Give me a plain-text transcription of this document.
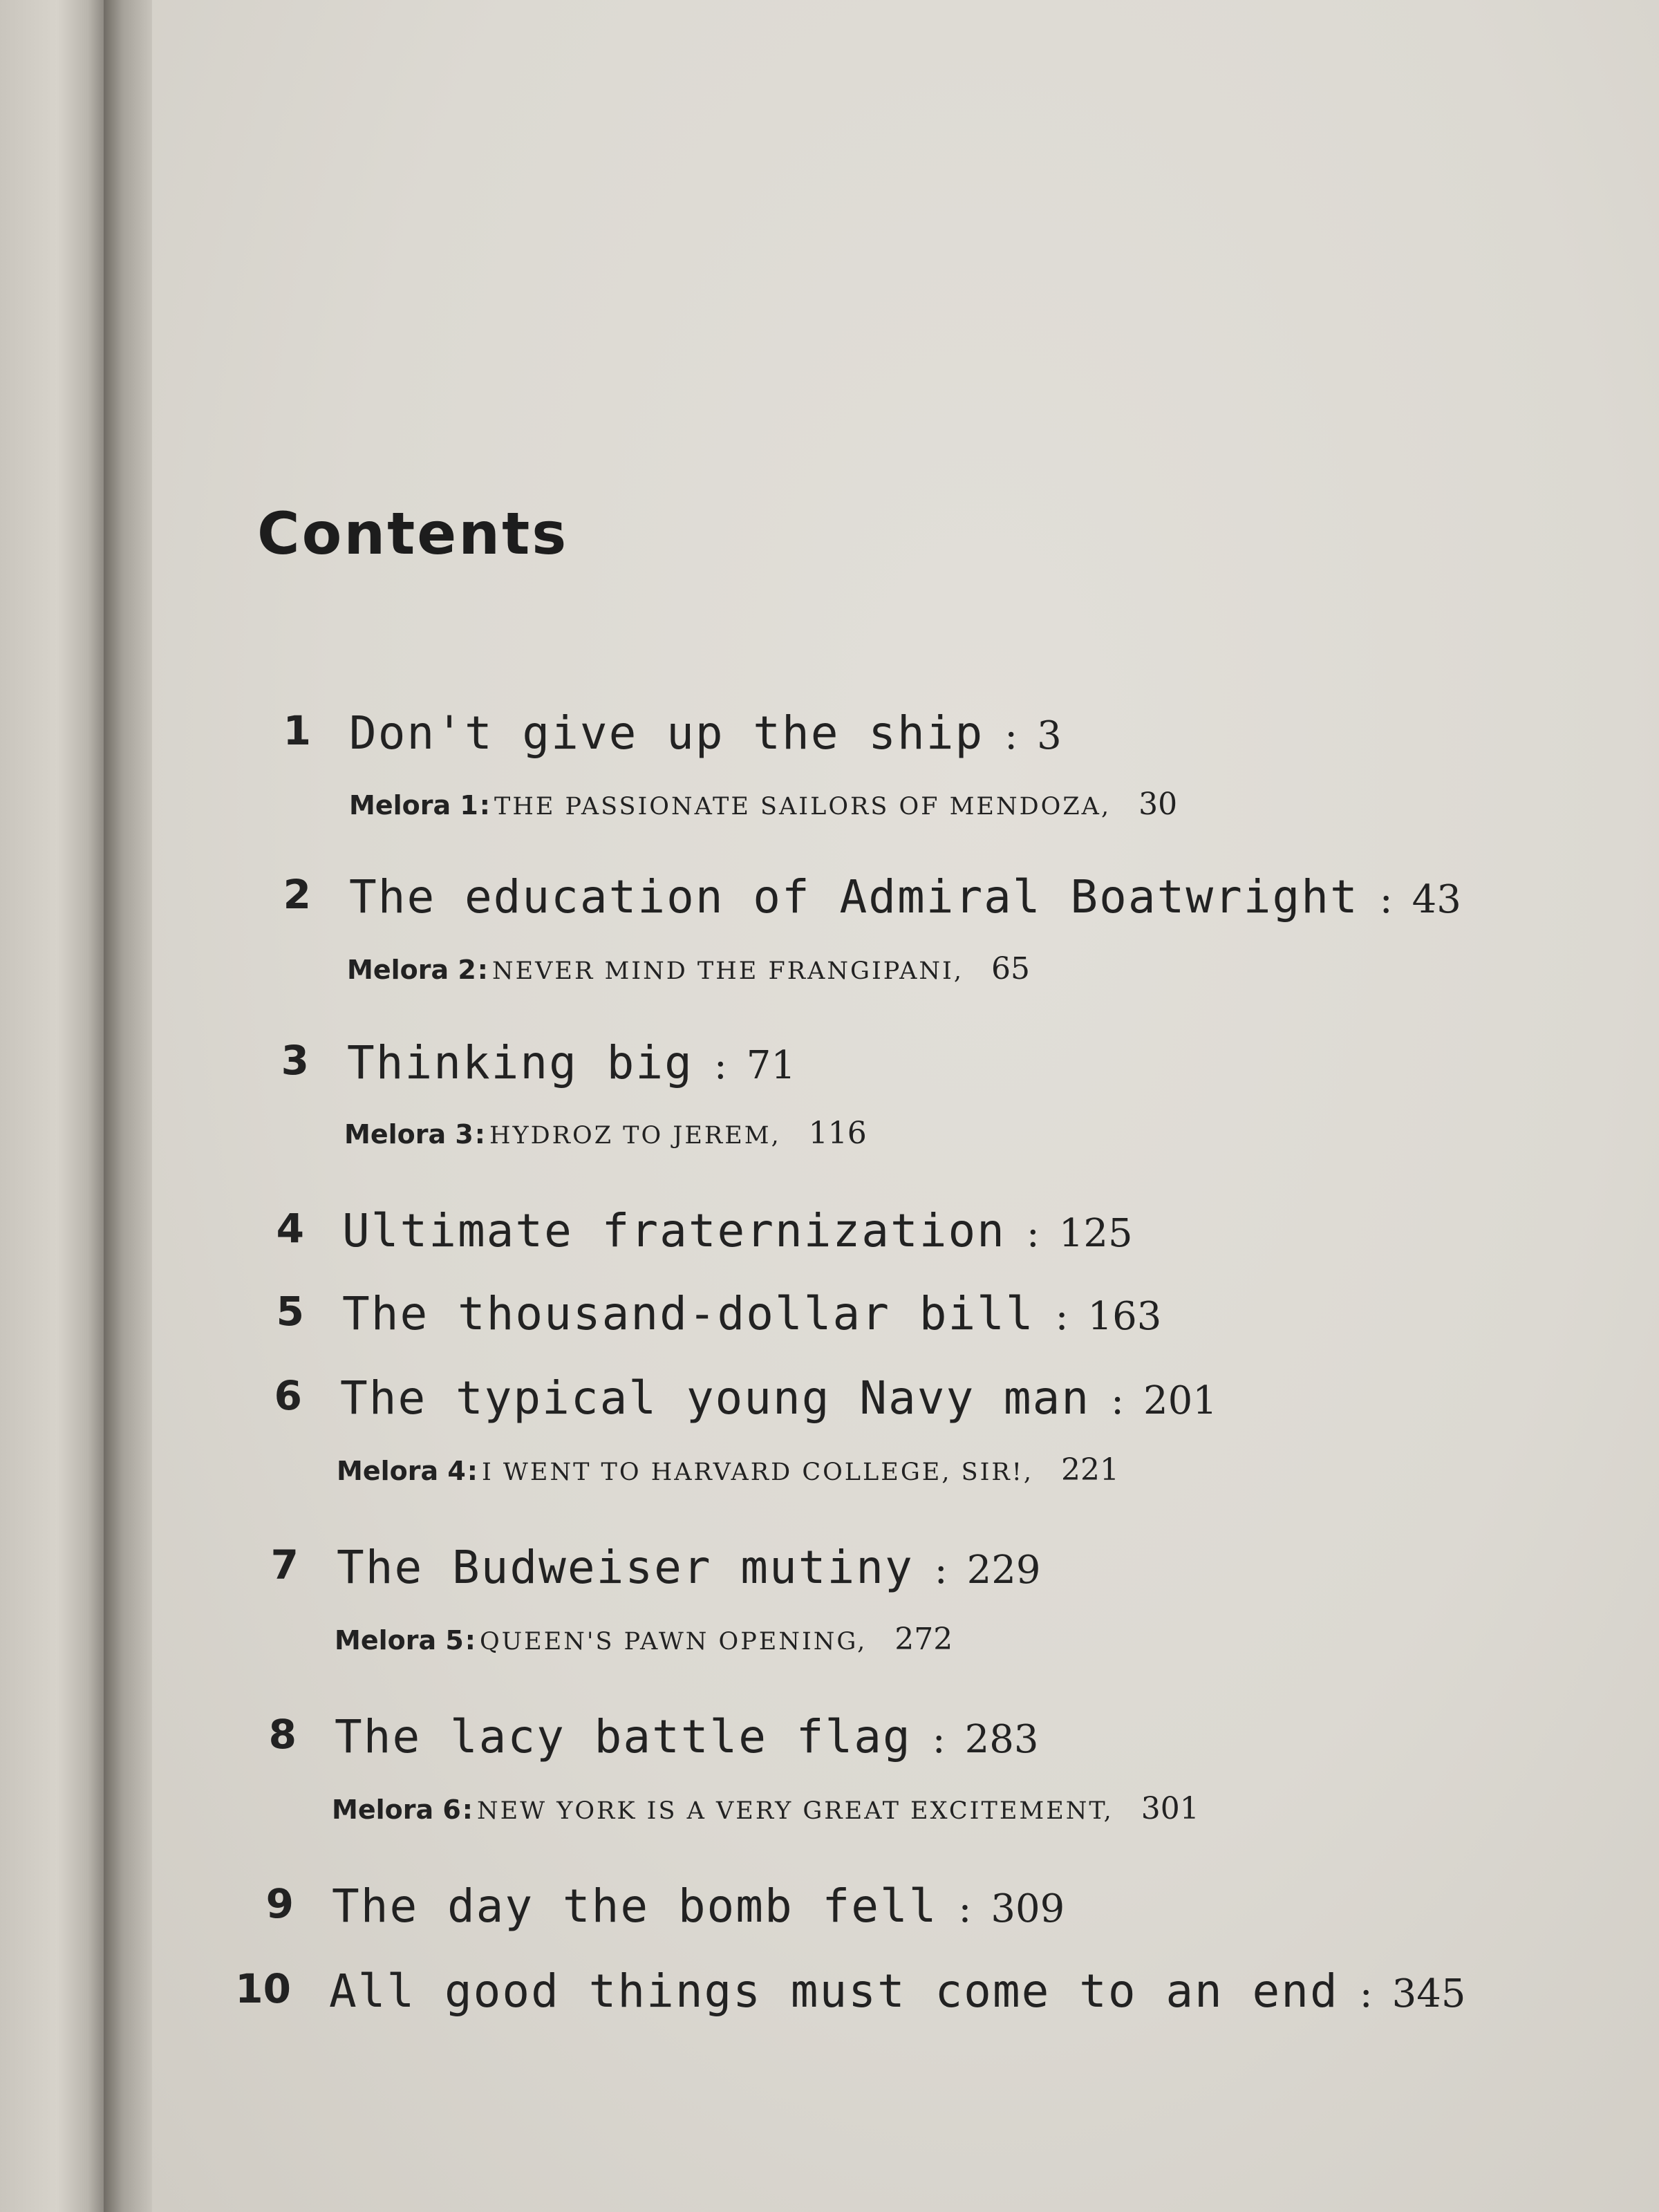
Contents
1 Don't give up the ship : 3
Melora 1: THE PASSIONATE SAILORS OF MENDOZA, 30
2 The education of Admiral Boatwright : 43
Melora 2: NEVER MIND THE FRANGIPANI, 65
3 Thinking big : 71
Melora 3: HYDROZ TO JEREM, 116
4 Ultimate fraternization : 125
5 The thousand-dollar bill : 163
6 The typical young Navy man : 201
Melora 4: I WENT TO HARVARD COLLEGE, SIR!, 221
7 The Budweiser mutiny : 229
Melora 5: QUEEN'S PAWN OPENING, 272
8 The lacy battle flag : 283
Melora 6: NEW YORK IS A VERY GREAT EXCITEMENT, 301
9 The day the bomb fell : 309
10 All good things must come to an end : 345
